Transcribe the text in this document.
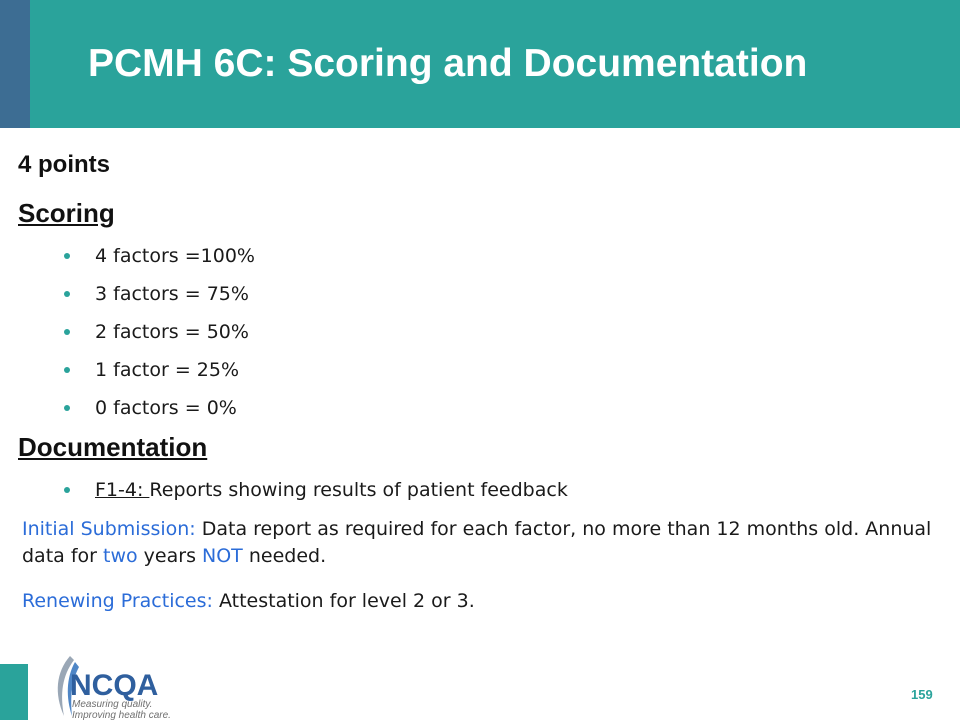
PCMH 6C: Scoring and Documentation
4 points
Scoring
4 factors =100%
3 factors = 75%
2 factors = 50%
1 factor = 25%
0 factors = 0%
Documentation
F1-4: Reports showing results of patient feedback

Initial Submission: Data report as required for each factor, no more than 12 months old. Annual data for two years NOT needed.

Renewing Practices: Attestation for level 2 or 3.

NCQA
Measuring quality.
Improving health care.
159
